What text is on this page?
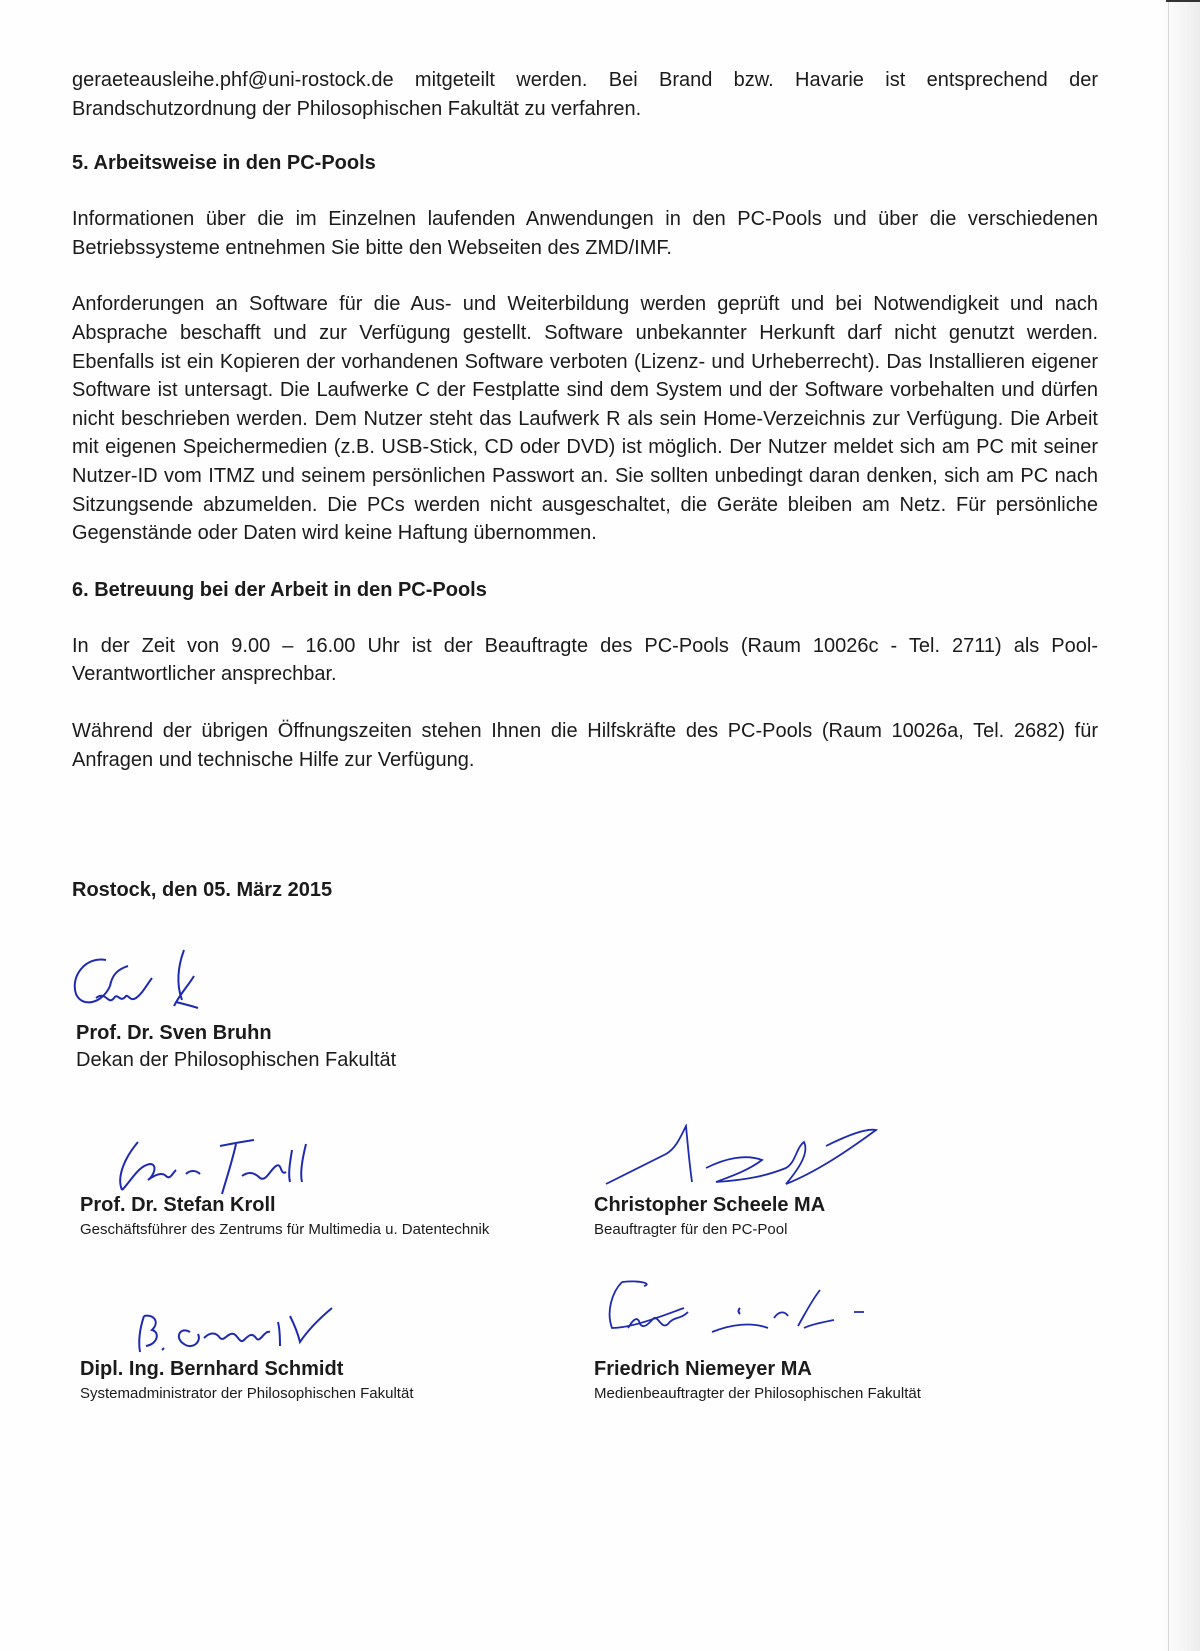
geraeteausleihe.phf@uni-rostock.de mitgeteilt werden. Bei Brand bzw. Havarie ist entsprechend der Brandschutzordnung der Philosophischen Fakultät zu verfahren.

5. Arbeitsweise in den PC-Pools

Informationen über die im Einzelnen laufenden Anwendungen in den PC-Pools und über die verschiedenen Betriebssysteme entnehmen Sie bitte den Webseiten des ZMD/IMF.

Anforderungen an Software für die Aus- und Weiterbildung werden geprüft und bei Notwendigkeit und nach Absprache beschafft und zur Verfügung gestellt. Software unbekannter Herkunft darf nicht genutzt werden. Ebenfalls ist ein Kopieren der vorhandenen Software verboten (Lizenz- und Urheberrecht). Das Installieren eigener Software ist untersagt. Die Laufwerke C der Festplatte sind dem System und der Software vorbehalten und dürfen nicht beschrieben werden. Dem Nutzer steht das Laufwerk R als sein Home-Verzeichnis zur Verfügung. Die Arbeit mit eigenen Speichermedien (z.B. USB-Stick, CD oder DVD) ist möglich. Der Nutzer meldet sich am PC mit seiner Nutzer-ID vom ITMZ und seinem persönlichen Passwort an. Sie sollten unbedingt daran denken, sich am PC nach Sitzungsende abzumelden. Die PCs werden nicht ausgeschaltet, die Geräte bleiben am Netz. Für persönliche Gegenstände oder Daten wird keine Haftung übernommen.

6. Betreuung bei der Arbeit in den PC-Pools

In der Zeit von 9.00 – 16.00 Uhr ist der Beauftragte des PC-Pools (Raum 10026c - Tel. 2711) als Pool-Verantwortlicher ansprechbar.

Während der übrigen Öffnungszeiten stehen Ihnen die Hilfskräfte des PC-Pools (Raum 10026a, Tel. 2682) für Anfragen und technische Hilfe zur Verfügung.

Rostock, den 05. März 2015
Prof. Dr. Sven Bruhn
Dekan der Philosophischen Fakultät
Prof. Dr. Stefan Kroll
Geschäftsführer des Zentrums für Multimedia u. Datentechnik
Christopher Scheele MA
Beauftragter für den PC-Pool
Dipl. Ing. Bernhard Schmidt
Systemadministrator der Philosophischen Fakultät
Friedrich Niemeyer MA
Medienbeauftragter der Philosophischen Fakultät
